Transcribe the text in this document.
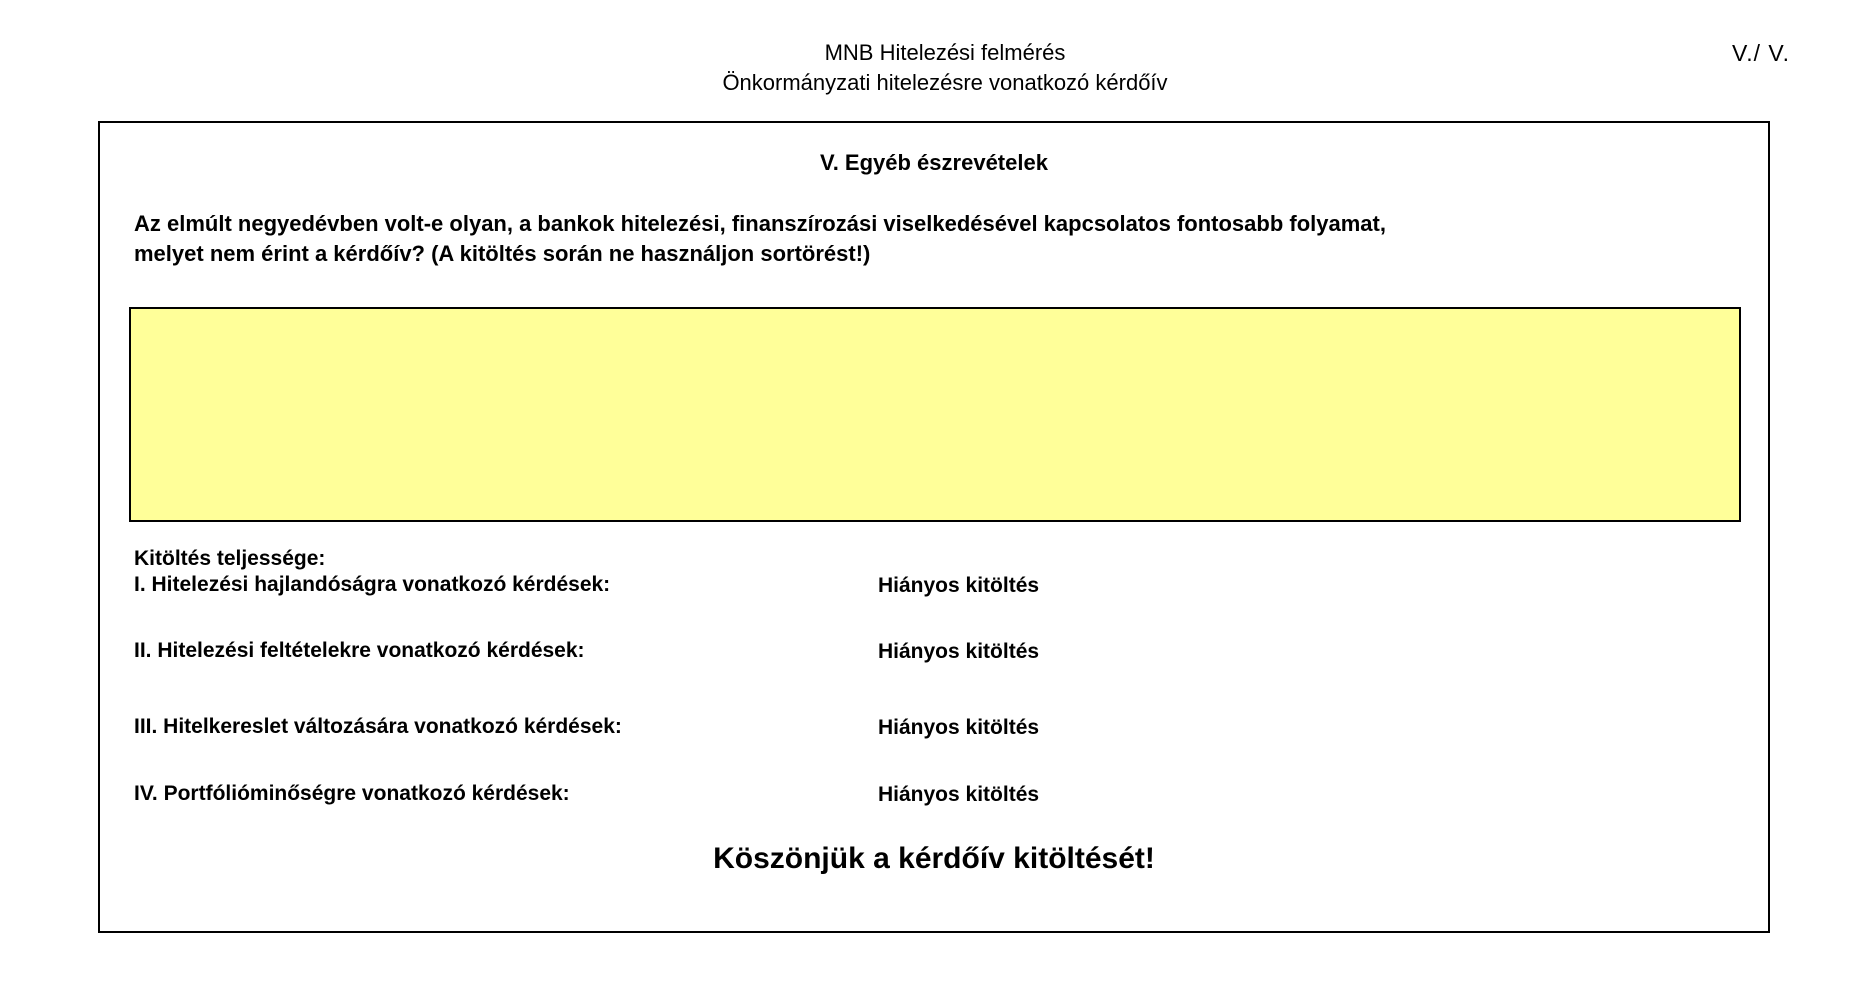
MNB Hitelezési felmérés
Önkormányzati hitelezésre vonatkozó kérdőív
V./ V.
V. Egyéb észrevételek
Az elmúlt negyedévben volt-e olyan, a bankok hitelezési, finanszírozási viselkedésével kapcsolatos fontosabb folyamat,
melyet nem érint a kérdőív? (A kitöltés során ne használjon sortörést!)
Kitöltés teljessége:
I. Hitelezési hajlandóságra vonatkozó kérdések:	Hiányos kitöltés
II. Hitelezési feltételekre vonatkozó kérdések:	Hiányos kitöltés
III. Hitelkereslet változására vonatkozó kérdések:	Hiányos kitöltés
IV. Portfólióminőségre vonatkozó kérdések:	Hiányos kitöltés
Köszönjük a kérdőív kitöltését!
